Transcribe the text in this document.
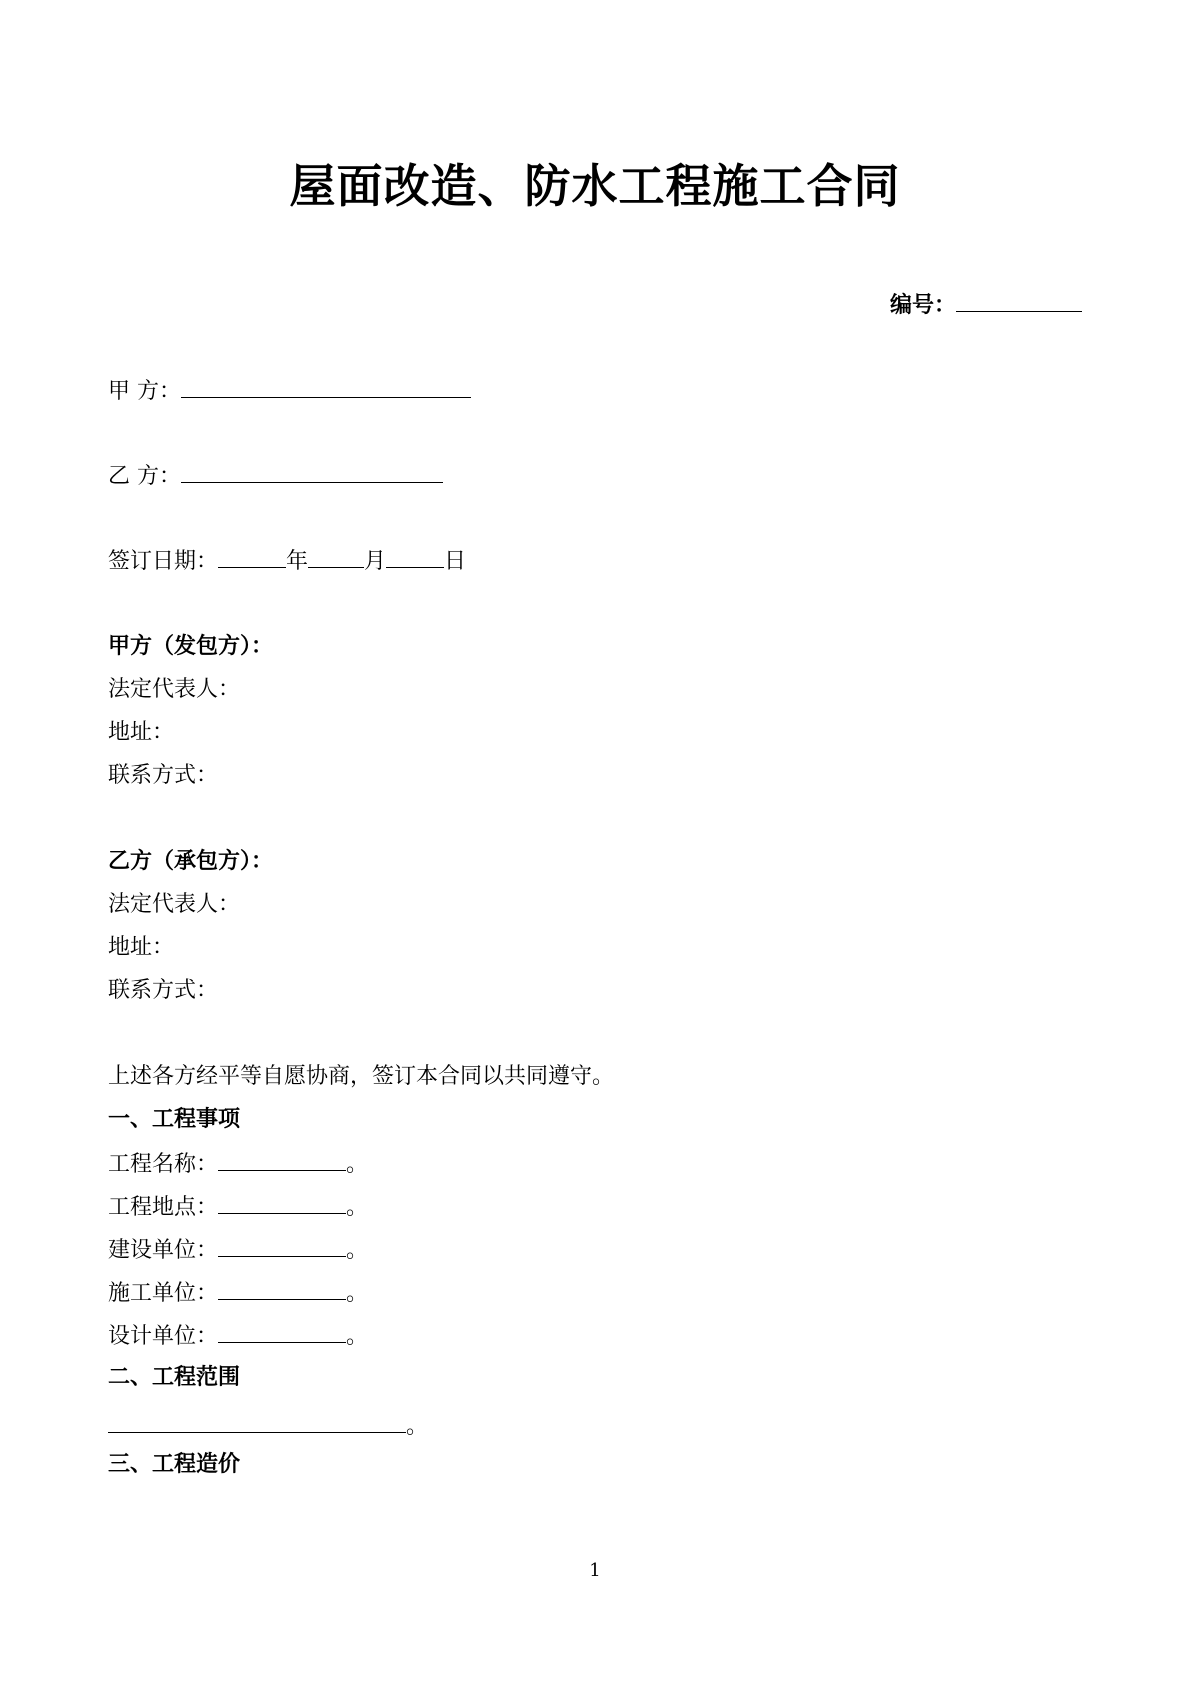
屋面改造、防水工程施工合同
编号：
甲 方：
乙 方：
签订日期：	年	月	日
甲方（发包方）：
法定代表人：
地址：
联系方式：
乙方（承包方）：
法定代表人：
地址：
联系方式：
上述各方经平等自愿协商，签订本合同以共同遵守。
一、工程事项
工程名称：	。
工程地点：	。
建设单位：	。
施工单位：	。
设计单位：	。
二、工程范围
。
三、工程造价
1
